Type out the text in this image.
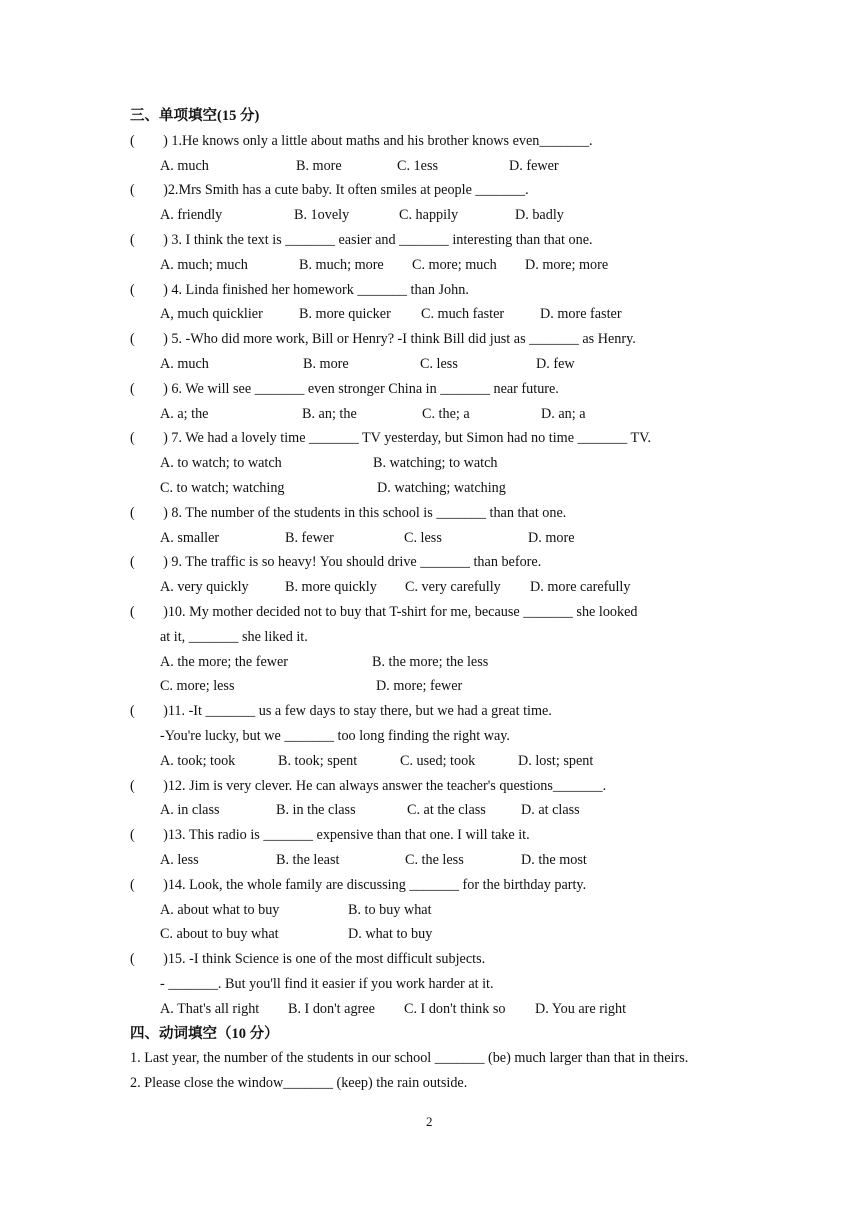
三、单项填空(15 分)
(        ) 1.He knows only a little about maths and his brother knows even_______.
A. much	B. more	C. 1ess	D. fewer
(        )2.Mrs Smith has a cute baby. It often smiles at people _______.
A. friendly	B. 1ovely	C. happily	D. badly
(        ) 3. I think the text is _______ easier and _______ interesting than that one.
A. much; much	B. much; more C. more; much D. more; more
(        ) 4. Linda finished her homework _______ than John.
A, much quicklier	B. more quicker C. much faster	D. more faster
(        ) 5. -Who did more work, Bill or Henry? -I think Bill did just as _______ as Henry.
A. much	B. more	C. less	D. few
(        ) 6. We will see _______ even stronger China in _______ near future.
A. a; the	B. an; the	C. the; a	D. an; a
(        ) 7. We had a lovely time _______ TV yesterday, but Simon had no time _______ TV.
A. to watch; to watch	B. watching; to watch
C. to watch; watching	D. watching; watching
(        ) 8. The number of the students in this school is _______ than that one.
A. smaller	B. fewer	C. less	D. more
(        ) 9. The traffic is so heavy! You should drive _______ than before.
A. very quickly	B. more quickly C. very carefully D. more carefully
(        )10. My mother decided not to buy that T-shirt for me, because _______ she looked
at it, _______ she liked it.
A. the more; the fewer	B. the more; the less
C. more; less	D. more; fewer
(        )11. -It _______ us a few days to stay there, but we had a great time.
-You're lucky, but we _______ too long finding the right way.
A. took; took	B. took; spent	C. used; took	D. lost; spent
(        )12. Jim is very clever. He can always answer the teacher's questions_______.
A. in class	B. in the class	C. at the class D. at class
(        )13. This radio is _______ expensive than that one. I will take it.
A. less	B. the least	C. the less	D. the most
(        )14. Look, the whole family are discussing _______ for the birthday party.
A. about what to buy	B. to buy what
C. about to buy what	D. what to buy
(        )15. -I think Science is one of the most difficult subjects.
- _______. But you'll find it easier if you work harder at it.
A. That's all right B. I don't agree C. I don't think so D. You are right
四、动词填空（10 分）
1. Last year, the number of the students in our school _______ (be) much larger than that in theirs.
2. Please close the window_______ (keep) the rain outside.
2
